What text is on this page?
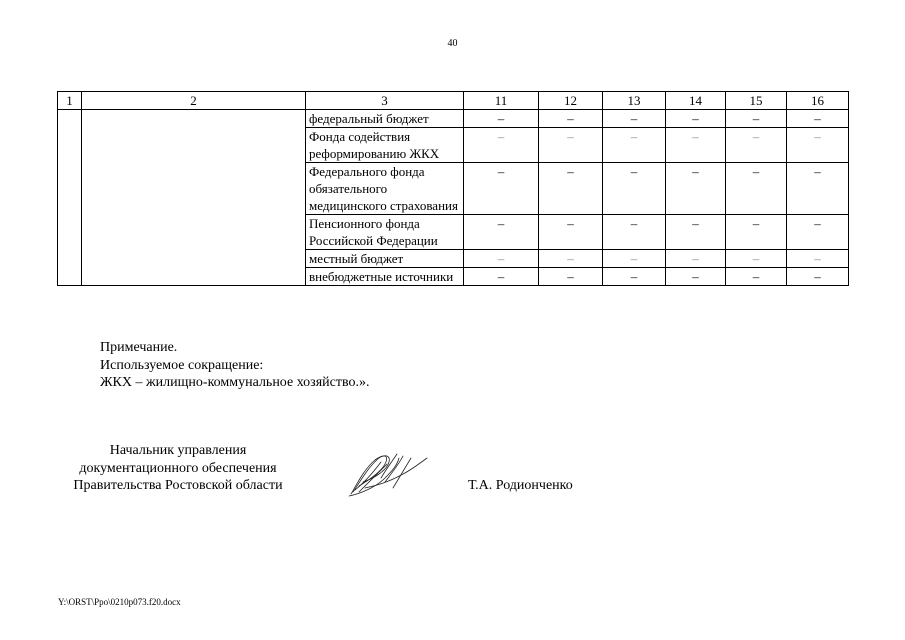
40
1	2	3	11	12	13	14	15	16
		федеральный бюджет	–	–	–	–	–	–
		Фонда содействия реформированию ЖКХ	–	–	–	–	–	–
		Федерального фонда обязательного медицинского страхования	–	–	–	–	–	–
		Пенсионного фонда Российской Федерации	–	–	–	–	–	–
		местный бюджет	–	–	–	–	–	–
		внебюджетные источники	–	–	–	–	–	–
Примечание.
Используемое сокращение:
ЖКХ – жилищно-коммунальное хозяйство.».
Начальник управления
документационного обеспечения
Правительства Ростовской области	Т.А. Родионченко
Y:\ORST\Ppo\0210p073.f20.docx
